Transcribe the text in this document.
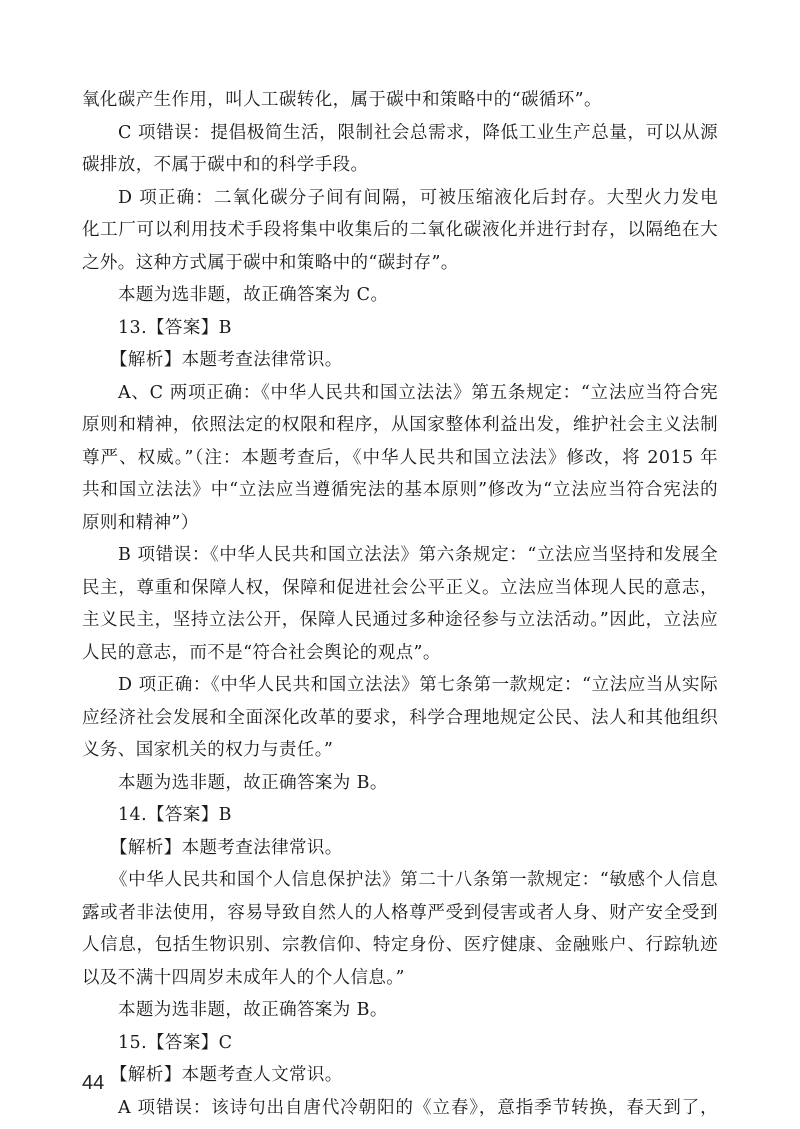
氧化碳产生作用，叫人工碳转化，属于碳中和策略中的“碳循环”。
C 项错误：提倡极简生活，限制社会总需求，降低工业生产总量，可以从源
碳排放，不属于碳中和的科学手段。
D 项正确：二氧化碳分子间有间隔，可被压缩液化后封存。大型火力发电
化工厂可以利用技术手段将集中收集后的二氧化碳液化并进行封存，以隔绝在大
之外。这种方式属于碳中和策略中的“碳封存”。
本题为选非题，故正确答案为 C。
13.【答案】B
【解析】本题考查法律常识。
A、C 两项正确：《中华人民共和国立法法》第五条规定：“立法应当符合宪
原则和精神，依照法定的权限和程序，从国家整体利益出发，维护社会主义法制
尊严、权威。”（注：本题考查后，《中华人民共和国立法法》修改，将 2015 年
共和国立法法》中“立法应当遵循宪法的基本原则”修改为“立法应当符合宪法的
原则和精神”）
B 项错误：《中华人民共和国立法法》第六条规定：“立法应当坚持和发展全
民主，尊重和保障人权，保障和促进社会公平正义。立法应当体现人民的意志，
主义民主，坚持立法公开，保障人民通过多种途径参与立法活动。”因此，立法应
人民的意志，而不是“符合社会舆论的观点”。
D 项正确：《中华人民共和国立法法》第七条第一款规定：“立法应当从实际
应经济社会发展和全面深化改革的要求，科学合理地规定公民、法人和其他组织
义务、国家机关的权力与责任。”
本题为选非题，故正确答案为 B。
14.【答案】B
【解析】本题考查法律常识。
《中华人民共和国个人信息保护法》第二十八条第一款规定：“敏感个人信息
露或者非法使用，容易导致自然人的人格尊严受到侵害或者人身、财产安全受到
人信息，包括生物识别、宗教信仰、特定身份、医疗健康、金融账户、行踪轨迹
以及不满十四周岁未成年人的个人信息。”
本题为选非题，故正确答案为 B。
15.【答案】C
【解析】本题考查人文常识。
A 项错误：该诗句出自唐代冷朝阳的《立春》，意指季节转换，春天到了，
44
